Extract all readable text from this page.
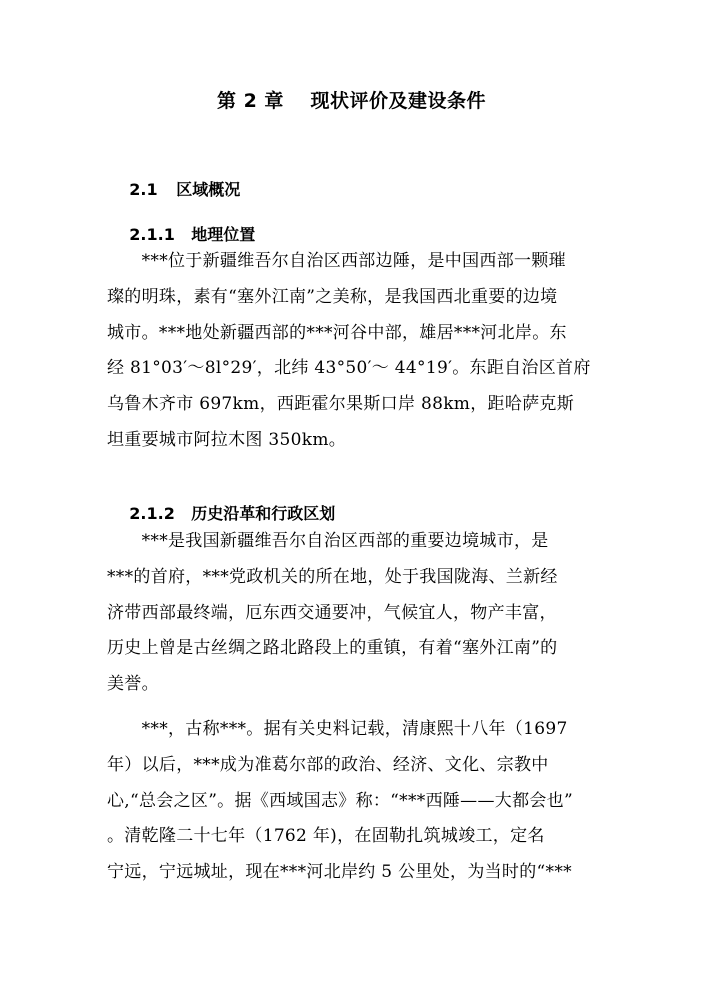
第 2 章　 现状评价及建设条件

2.1 区域概况

2.1.1 地理位置

　　***位于新疆维吾尔自治区西部边陲，是中国西部一颗璀
璨的明珠，素有“塞外江南”之美称，是我国西北重要的边境
城市。***地处新疆西部的***河谷中部，雄居***河北岸。东
经 81°03′～8l°29′，北纬 43°50′～ 44°19′。东距自治区首府
乌鲁木齐市 697km，西距霍尔果斯口岸 88km，距哈萨克斯
坦重要城市阿拉木图 350km。

2.1.2 历史沿革和行政区划

　　***是我国新疆维吾尔自治区西部的重要边境城市，是
***的首府，***党政机关的所在地，处于我国陇海、兰新经
济带西部最终端，厄东西交通要冲，气候宜人，物产丰富，
历史上曾是古丝绸之路北路段上的重镇，有着“塞外江南”的
美誉。
　　***，古称***。据有关史料记载，清康熙十八年（1697
年）以后，***成为准葛尔部的政治、经济、文化、宗教中
心,“总会之区”。据《西域国志》称：“***西陲——大都会也”
。清乾隆二十七年（1762 年)，在固勒扎筑城竣工，定名
宁远，宁远城址，现在***河北岸约 5 公里处，为当时的“***
